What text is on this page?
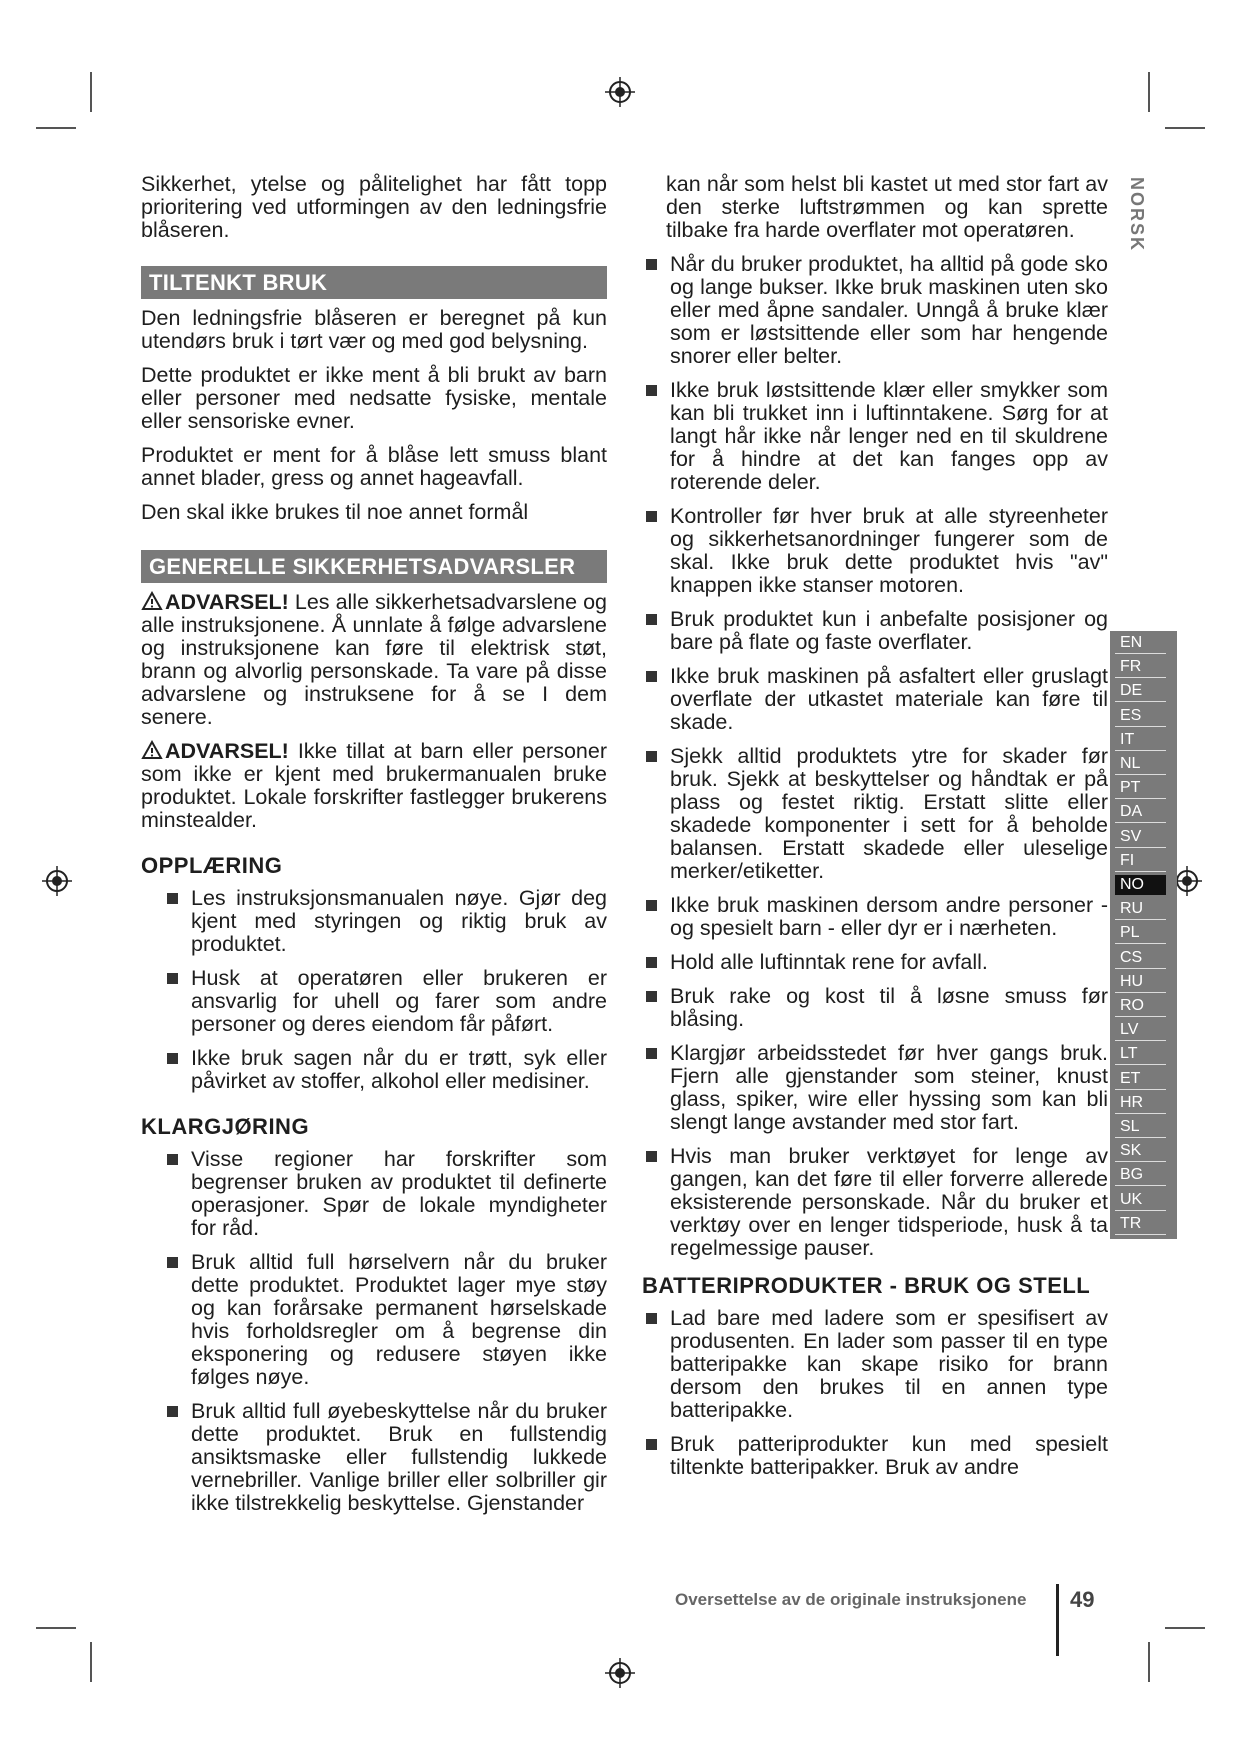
Sikkerhet, ytelse og pålitelighet har fått topp prioritering ved utformingen av den ledningsfrie blåseren.

TILTENKT BRUK

Den ledningsfrie blåseren er beregnet på kun utendørs bruk i tørt vær og med god belysning.

Dette produktet er ikke ment å bli brukt av barn eller personer med nedsatte fysiske, mentale eller sensoriske evner.

Produktet er ment for å blåse lett smuss blant annet blader, gress og annet hageavfall.

Den skal ikke brukes til noe annet formål

GENERELLE SIKKERHETSADVARSLER

ADVARSEL! Les alle sikkerhetsadvarslene og alle instruksjonene. Å unnlate å følge advarslene og instruksjonene kan føre til elektrisk støt, brann og alvorlig personskade. Ta vare på disse advarslene og instruksene for å se I dem senere.

ADVARSEL! Ikke tillat at barn eller personer som ikke er kjent med brukermanualen bruke produktet. Lokale forskrifter fastlegger brukerens minstealder.

OPPLÆRING

Les instruksjonsmanualen nøye. Gjør deg kjent med styringen og riktig bruk av produktet.

Husk at operatøren eller brukeren er ansvarlig for uhell og farer som andre personer og deres eiendom får påført.

Ikke bruk sagen når du er trøtt, syk eller påvirket av stoffer, alkohol eller medisiner.

KLARGJØRING

Visse regioner har forskrifter som begrenser bruken av produktet til definerte operasjoner. Spør de lokale myndigheter for råd.

Bruk alltid full hørselvern når du bruker dette produktet. Produktet lager mye støy og kan forårsake permanent hørselskade hvis forholdsregler om å begrense din eksponering og redusere støyen ikke følges nøye.

Bruk alltid full øyebeskyttelse når du bruker dette produktet. Bruk en fullstendig ansiktsmaske eller fullstendig lukkede vernebriller. Vanlige briller eller solbriller gir ikke tilstrekkelig beskyttelse. Gjenstander

kan når som helst bli kastet ut med stor fart av den sterke luftstrømmen og kan sprette tilbake fra harde overflater mot operatøren.

Når du bruker produktet, ha alltid på gode sko og lange bukser. Ikke bruk maskinen uten sko eller med åpne sandaler. Unngå å bruke klær som er løstsittende eller som har hengende snorer eller belter.

Ikke bruk løstsittende klær eller smykker som kan bli trukket inn i luftinntakene. Sørg for at langt hår ikke når lenger ned en til skuldrene for å hindre at det kan fanges opp av roterende deler.

Kontroller før hver bruk at alle styreenheter og sikkerhetsanordninger fungerer som de skal. Ikke bruk dette produktet hvis "av" knappen ikke stanser motoren.

Bruk produktet kun i anbefalte posisjoner og bare på flate og faste overflater.

Ikke bruk maskinen på asfaltert eller gruslagt overflate der utkastet materiale kan føre til skade.

Sjekk alltid produktets ytre for skader før bruk. Sjekk at beskyttelser og håndtak er på plass og festet riktig. Erstatt slitte eller skadede komponenter i sett for å beholde balansen. Erstatt skadede eller uleselige merker/etiketter.

Ikke bruk maskinen dersom andre personer - og spesielt barn - eller dyr er i nærheten.

Hold alle luftinntak rene for avfall.

Bruk rake og kost til å løsne smuss før blåsing.

Klargjør arbeidsstedet før hver gangs bruk. Fjern alle gjenstander som steiner, knust glass, spiker, wire eller hyssing som kan bli slengt lange avstander med stor fart.

Hvis man bruker verktøyet for lenge av gangen, kan det føre til eller forverre allerede eksisterende personskade. Når du bruker et verktøy over en lenger tidsperiode, husk å ta regelmessige pauser.

BATTERIPRODUKTER - BRUK OG STELL

Lad bare med ladere som er spesifisert av produsenten. En lader som passer til en type batteripakke kan skape risiko for brann dersom den brukes til en annen type batteripakke.

Bruk patteriprodukter kun med spesielt tiltenkte batteripakker. Bruk av andre

NORSK
EN
FR
DE
ES
IT
NL
PT
DA
SV
FI
NO
RU
PL
CS
HU
RO
LV
LT
ET
HR
SL
SK
BG
UK
TR
Oversettelse av de originale instruksjonene 49
